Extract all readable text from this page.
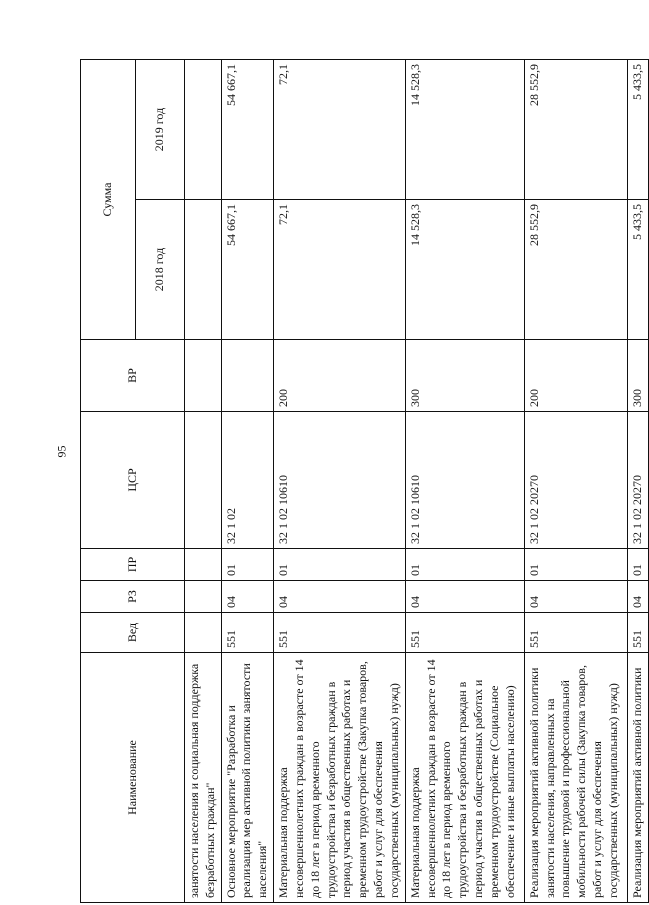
95
Наименование	Вед	РЗ	ПР	ЦСР	ВР	Сумма	
						2018 год	2019 год
занятости населения и социальная поддержка безработных граждан"							
Основное мероприятие "Разработка и реализация мер активной политики занятости населения"	551	04	01	32 1 02		54 667,1	54 667,1
Материальная поддержка несовершеннолетних граждан в возрасте от 14 до 18 лет в период временного трудоустройства и безработных граждан в период участия в общественных работах и временном трудоустройстве (Закупка товаров, работ и услуг для обеспечения государственных (муниципальных) нужд)	551	04	01	32 1 02 10610	200	72,1	72,1
Материальная поддержка несовершеннолетних граждан в возрасте от 14 до 18 лет в период временного трудоустройства и безработных граждан в период участия в общественных работах и временном трудоустройстве (Социальное обеспечение и иные выплаты населению)	551	04	01	32 1 02 10610	300	14 528,3	14 528,3
Реализация мероприятий активной политики занятости населения, направленных на повышение трудовой и профессиональной мобильности рабочей силы (Закупка товаров, работ и услуг для обеспечения государственных (муниципальных) нужд)	551	04	01	32 1 02 20270	200	28 552,9	28 552,9
Реализация мероприятий активной политики	551	04	01	32 1 02 20270	300	5 433,5	5 433,5
